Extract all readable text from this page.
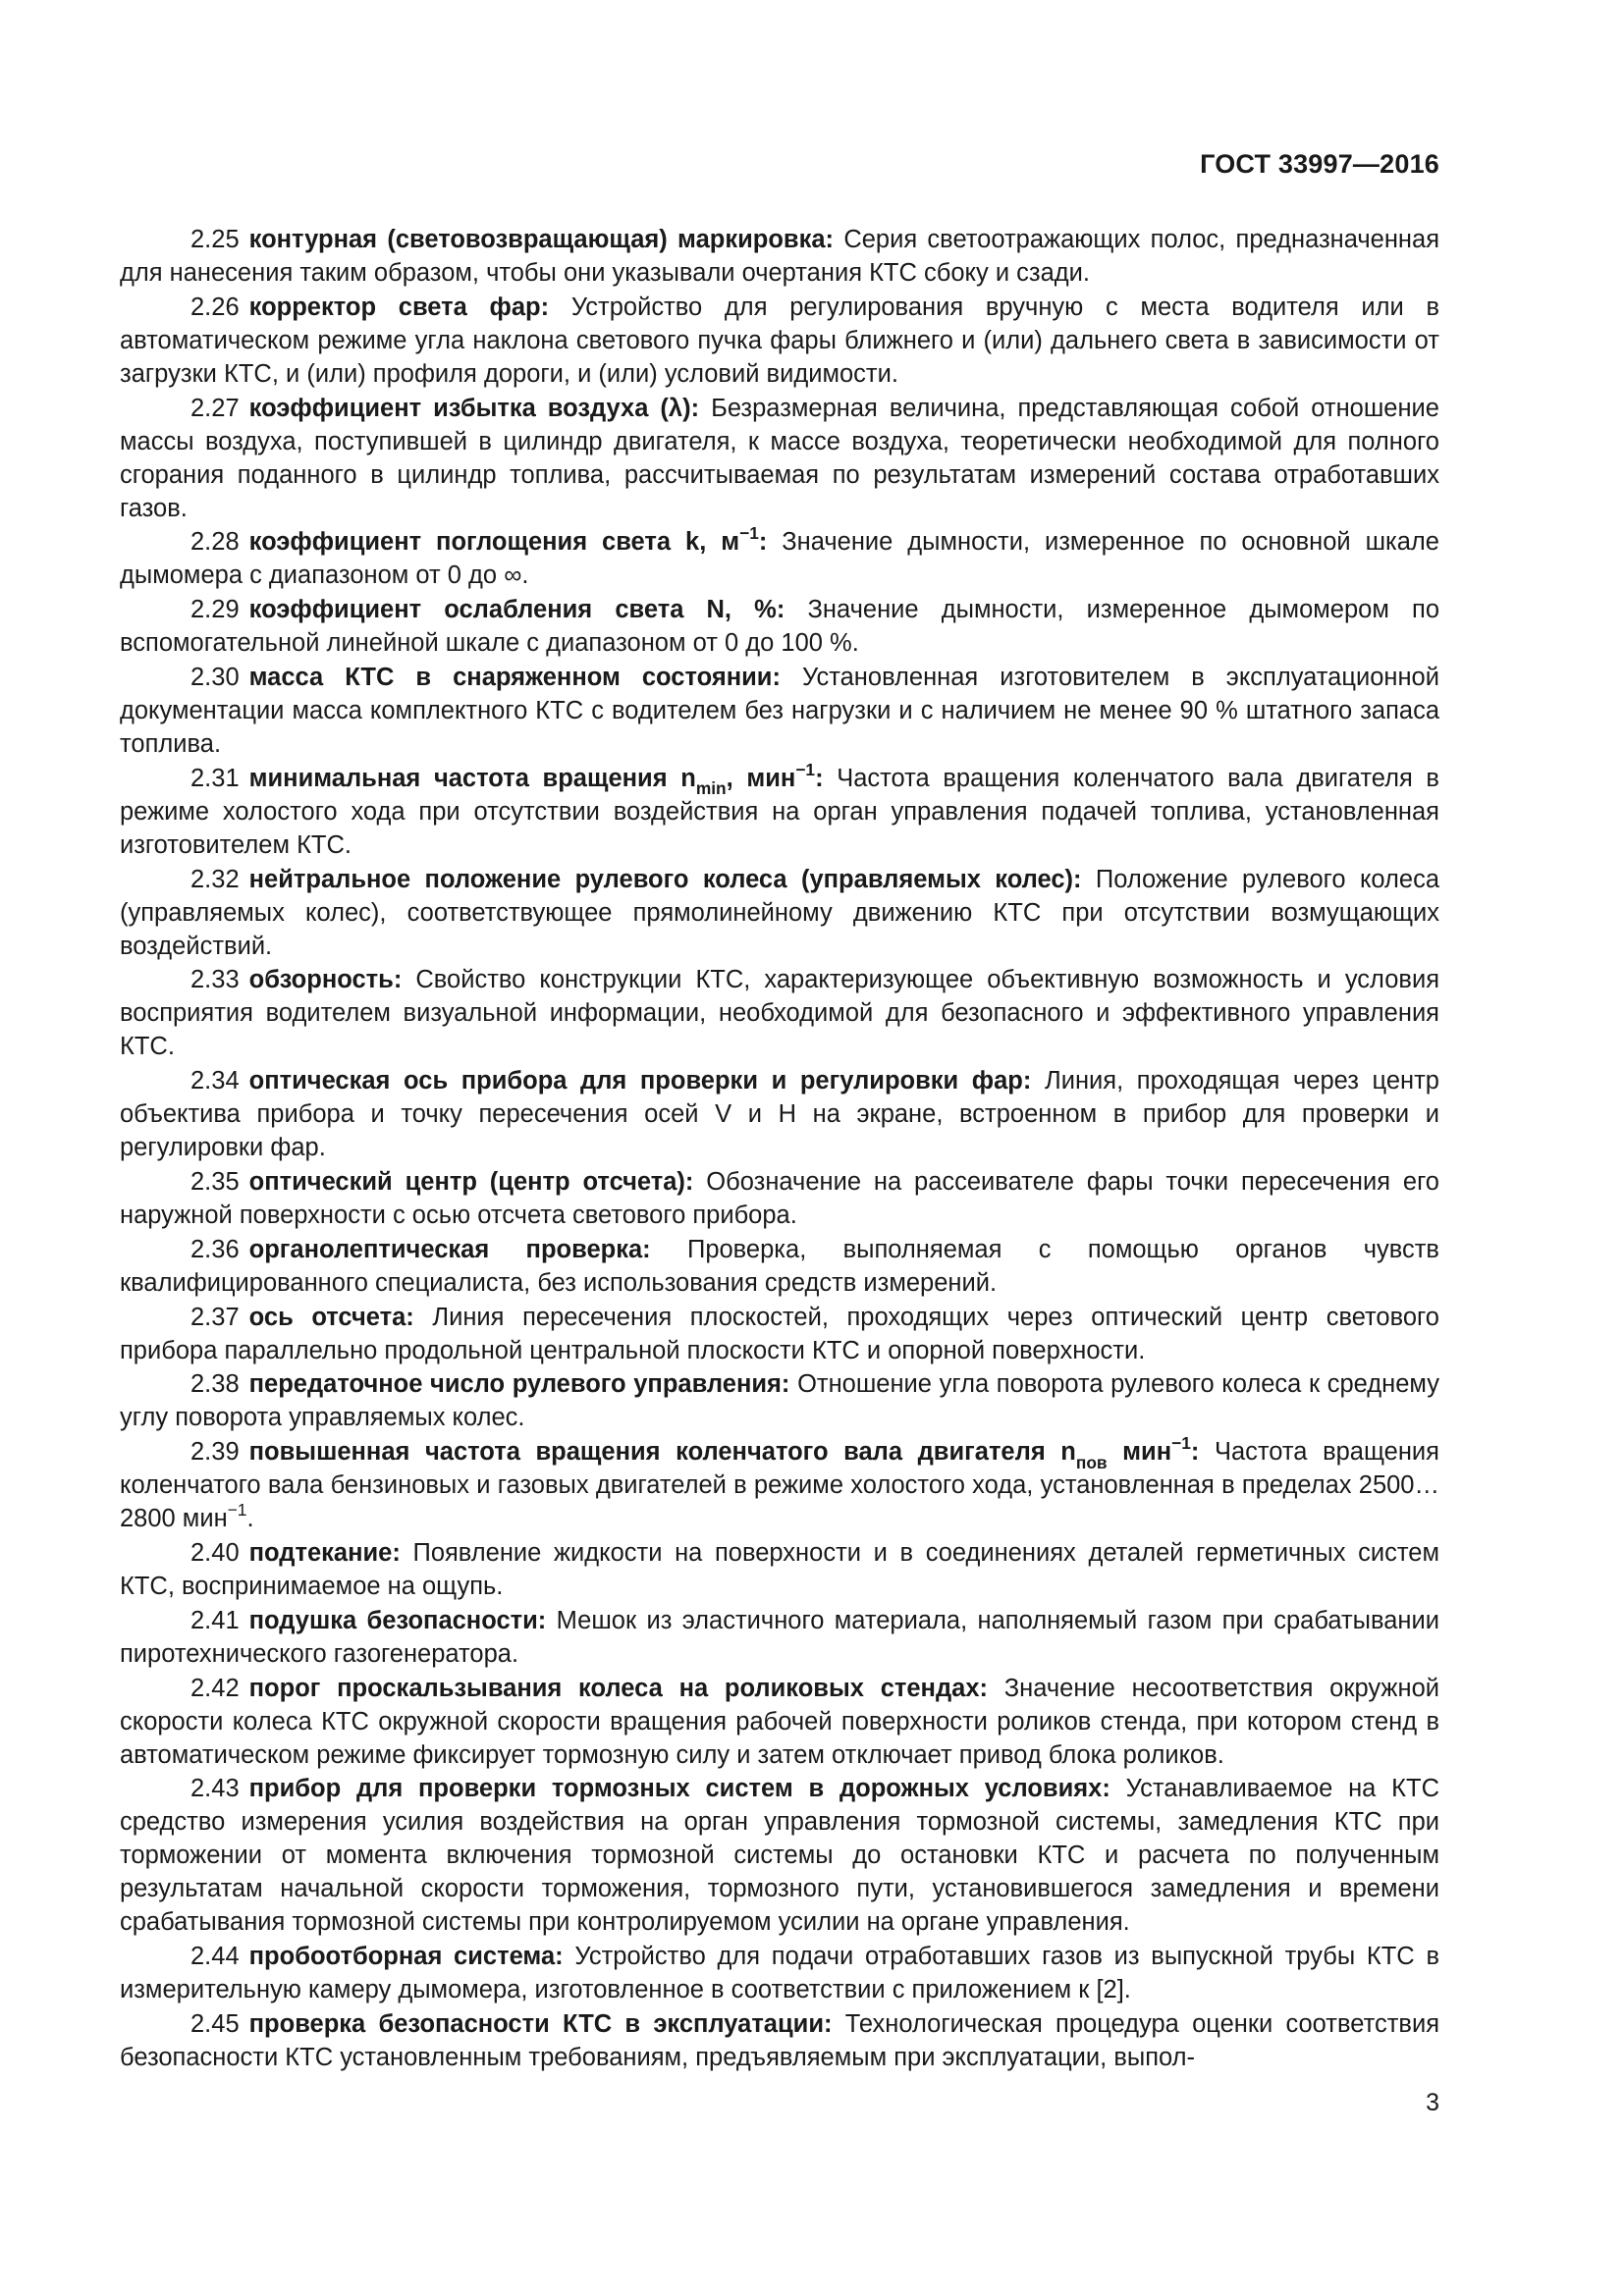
ГОСТ 33997—2016

2.25 контурная (световозвращающая) маркировка: Серия светоотражающих полос, предназначенная для нанесения таким образом, чтобы они указывали очертания КТС сбоку и сзади.

2.26 корректор света фар: Устройство для регулирования вручную с места водителя или в автоматическом режиме угла наклона светового пучка фары ближнего и (или) дальнего света в зависимости от загрузки КТС, и (или) профиля дороги, и (или) условий видимости.

2.27 коэффициент избытка воздуха (λ): Безразмерная величина, представляющая собой отношение массы воздуха, поступившей в цилиндр двигателя, к массе воздуха, теоретически необходимой для полного сгорания поданного в цилиндр топлива, рассчитываемая по результатам измерений состава отработавших газов.

2.28 коэффициент поглощения света k, $м^{-1}$: Значение дымности, измеренное по основной шкале дымомера с диапазоном от 0 до ∞.

2.29 коэффициент ослабления света N, %: Значение дымности, измеренное дымомером по вспомогательной линейной шкале с диапазоном от 0 до 100 %.

2.30 масса КТС в снаряженном состоянии: Установленная изготовителем в эксплуатационной документации масса комплектного КТС с водителем без нагрузки и с наличием не менее 90 % штатного запаса топлива.

2.31 минимальная частота вращения $n_{min}$, мин$^{-1}$: Частота вращения коленчатого вала двигателя в режиме холостого хода при отсутствии воздействия на орган управления подачей топлива, установленная изготовителем КТС.

2.32 нейтральное положение рулевого колеса (управляемых колес): Положение рулевого колеса (управляемых колес), соответствующее прямолинейному движению КТС при отсутствии возмущающих воздействий.

2.33 обзорность: Свойство конструкции КТС, характеризующее объективную возможность и условия восприятия водителем визуальной информации, необходимой для безопасного и эффективного управления КТС.

2.34 оптическая ось прибора для проверки и регулировки фар: Линия, проходящая через центр объектива прибора и точку пересечения осей V и H на экране, встроенном в прибор для проверки и регулировки фар.

2.35 оптический центр (центр отсчета): Обозначение на рассеивателе фары точки пересечения его наружной поверхности с осью отсчета светового прибора.

2.36 органолептическая проверка: Проверка, выполняемая с помощью органов чувств квалифицированного специалиста, без использования средств измерений.

2.37 ось отсчета: Линия пересечения плоскостей, проходящих через оптический центр светового прибора параллельно продольной центральной плоскости КТС и опорной поверхности.

2.38 передаточное число рулевого управления: Отношение угла поворота рулевого колеса к среднему углу поворота управляемых колес.

2.39 повышенная частота вращения коленчатого вала двигателя $n_{пов}$ мин$^{-1}$: Частота вращения коленчатого вала бензиновых и газовых двигателей в режиме холостого хода, установленная в пределах 2500…2800 мин$^{-1}$.

2.40 подтекание: Появление жидкости на поверхности и в соединениях деталей герметичных систем КТС, воспринимаемое на ощупь.

2.41 подушка безопасности: Мешок из эластичного материала, наполняемый газом при срабатывании пиротехнического газогенератора.

2.42 порог проскальзывания колеса на роликовых стендах: Значение несоответствия окружной скорости колеса КТС окружной скорости вращения рабочей поверхности роликов стенда, при котором стенд в автоматическом режиме фиксирует тормозную силу и затем отключает привод блока роликов.

2.43 прибор для проверки тормозных систем в дорожных условиях: Устанавливаемое на КТС средство измерения усилия воздействия на орган управления тормозной системы, замедления КТС при торможении от момента включения тормозной системы до остановки КТС и расчета по полученным результатам начальной скорости торможения, тормозного пути, установившегося замедления и времени срабатывания тормозной системы при контролируемом усилии на органе управления.

2.44 пробоотборная система: Устройство для подачи отработавших газов из выпускной трубы КТС в измерительную камеру дымомера, изготовленное в соответствии с приложением к [2].

2.45 проверка безопасности КТС в эксплуатации: Технологическая процедура оценки соответствия безопасности КТС установленным требованиям, предъявляемым при эксплуатации, выпол-

3
